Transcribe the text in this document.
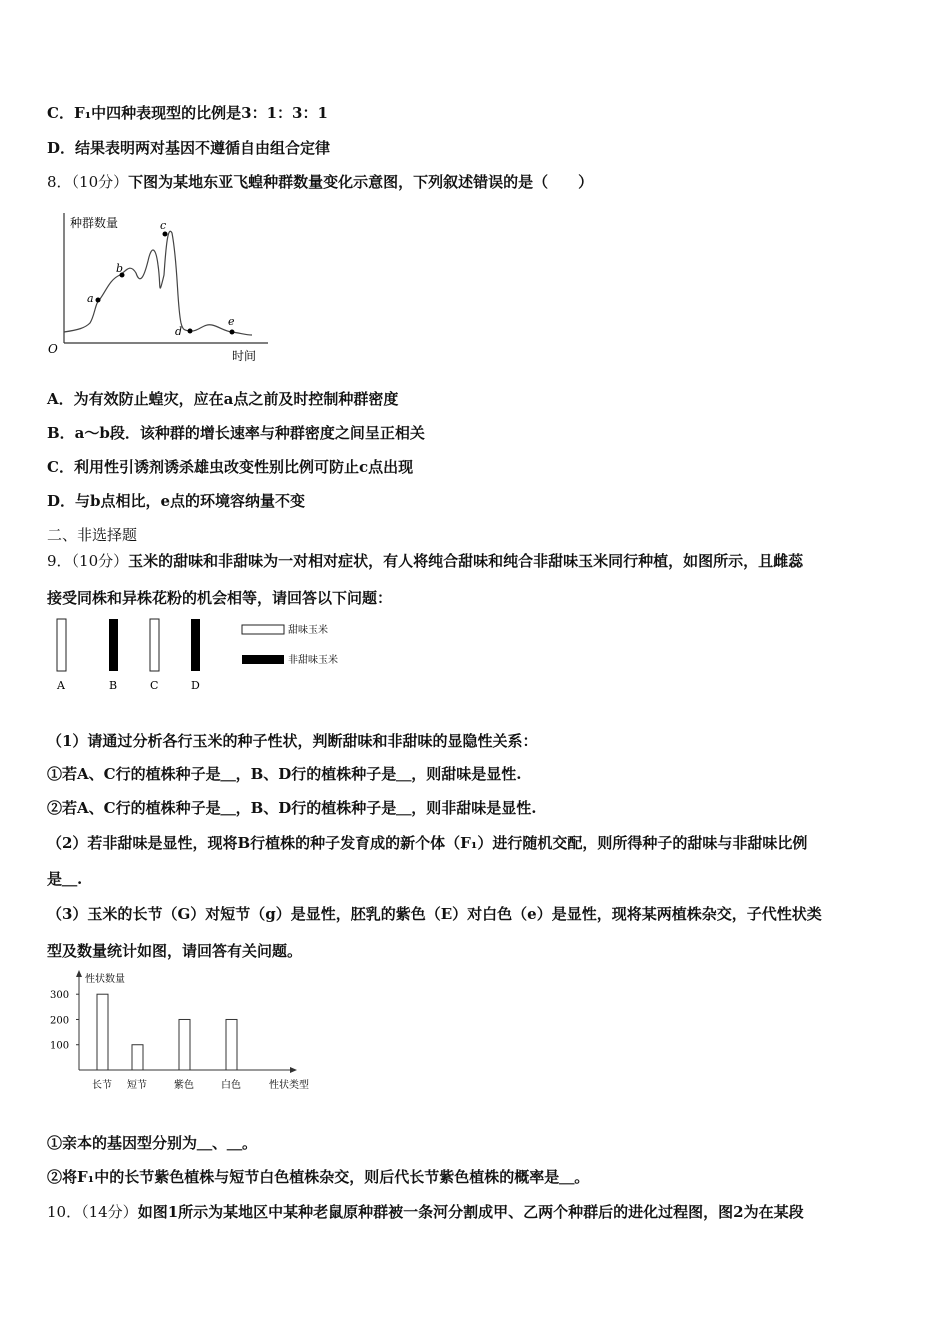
C．F₁中四种表现型的比例是3：1：3：1
D．结果表明两对基因不遵循自由组合定律
8．（10分）下图为某地东亚飞蝗种群数量变化示意图，下列叙述错误的是（　　）
种群数量
时间
O
a
b
c
d
e
A．为有效防止蝗灾，应在a点之前及时控制种群密度
B．a～b段．该种群的增长速率与种群密度之间呈正相关
C．利用性引诱剂诱杀雄虫改变性别比例可防止c点出现
D．与b点相比，e点的环境容纳量不变
二、非选择题
9．（10分）玉米的甜味和非甜味为一对相对症状，有人将纯合甜味和纯合非甜味玉米同行种植，如图所示，且雌蕊
接受同株和异株花粉的机会相等，请回答以下问题：
A	B	C	D
甜味玉米
非甜味玉米
（1）请通过分析各行玉米的种子性状，判断甜味和非甜味的显隐性关系：
①若A、C行的植株种子是＿，B、D行的植株种子是＿，则甜味是显性.
②若A、C行的植株种子是＿，B、D行的植株种子是＿，则非甜味是显性.
（2）若非甜味是显性，现将B行植株的种子发育成的新个体（F₁）进行随机交配，则所得种子的甜味与非甜味比例
是＿.
（3）玉米的长节（G）对短节（g）是显性，胚乳的紫色（E）对白色（e）是显性，现将某两植株杂交，子代性状类
型及数量统计如图，请回答有关问题。
性状数量
性状类型
100
200
300
长节 短节	紫色	白色
①亲本的基因型分别为＿、＿。
②将F₁中的长节紫色植株与短节白色植株杂交，则后代长节紫色植株的概率是＿。
10．（14分）如图1所示为某地区中某种老鼠原种群被一条河分割成甲、乙两个种群后的进化过程图，图2为在某段
